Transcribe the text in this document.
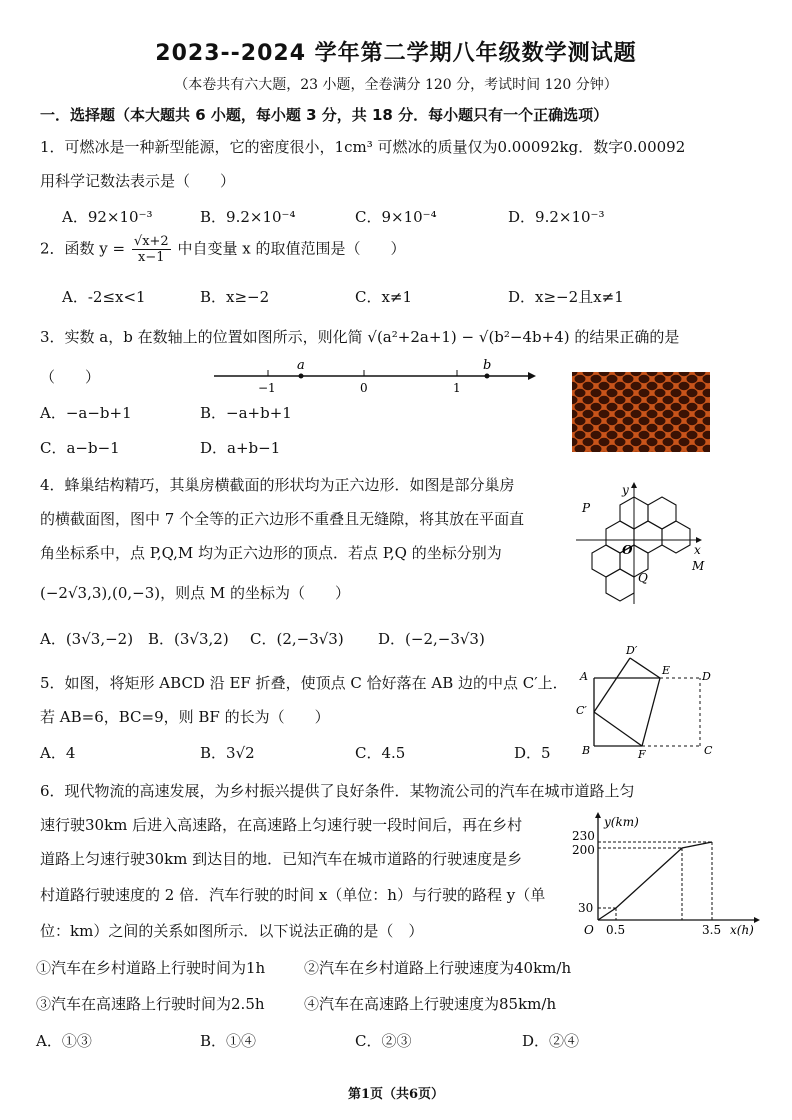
2023--2024 学年第二学期八年级数学测试题
（本卷共有六大题，23 小题，全卷满分 120 分，考试时间 120 分钟）
一．选择题（本大题共 6 小题，每小题 3 分，共 18 分．每小题只有一个正确选项）
1．可燃冰是一种新型能源，它的密度很小，1cm³ 可燃冰的质量仅为0.00092kg．数字0.00092
用科学记数法表示是（　　）
A．92×10⁻³	B．9.2×10⁻⁴	C．9×10⁻⁴	D．9.2×10⁻³
2．函数 $y = \frac{√x+2}{x-1}$ 中自变量 x 的取值范围是（　　）
A．-2≤x<1	B．x≥−2	C．x≠1	D．x≥−2且x≠1
3．实数 a，b 在数轴上的位置如图所示，则化简 √(a²+2a+1) − √(b²−4b+4) 的结果正确的是
（　　）
a	b
−1	0	1
A．−a−b+1	B．−a+b+1
C．a−b−1	D．a+b−1
4．蜂巢结构精巧，其巢房横截面的形状均为正六边形．如图是部分巢房
的横截面图，图中 7 个全等的正六边形不重叠且无缝隙，将其放在平面直
角坐标系中，点 P,Q,M 均为正六边形的顶点．若点 P,Q 的坐标分别为
(−2√3,3),(0,−3)，则点 M 的坐标为（　　）
A．(3√3,−2) B．(3√3,2) C．(2,−3√3) D．(−2,−3√3)
y
x
O
P
Q
M
5．如图，将矩形 ABCD 沿 EF 折叠，使顶点 C 恰好落在 AB 边的中点 C′上．
若 AB=6，BC=9，则 BF 的长为（　　）
A．4	B．3√2	C．4.5	D．5
A
B	C
D
E
F
C′
D′
6．现代物流的高速发展，为乡村振兴提供了良好条件．某物流公司的汽车在城市道路上匀
速行驶30km 后进入高速路，在高速路上匀速行驶一段时间后，再在乡村
道路上匀速行驶30km 到达目的地．已知汽车在城市道路的行驶速度是乡
村道路行驶速度的 2 倍．汽车行驶的时间 x（单位：h）与行驶的路程 y（单
位：km）之间的关系如图所示．以下说法正确的是（　）
①汽车在乡村道路上行驶时间为1h	②汽车在乡村道路上行驶速度为40km/h
③汽车在高速路上行驶时间为2.5h	④汽车在高速路上行驶速度为85km/h
A．①③	B．①④	C．②③	D．②④
y(km)
x(h)
O
230
200
30
0.5	3.5
第1页（共6页）
